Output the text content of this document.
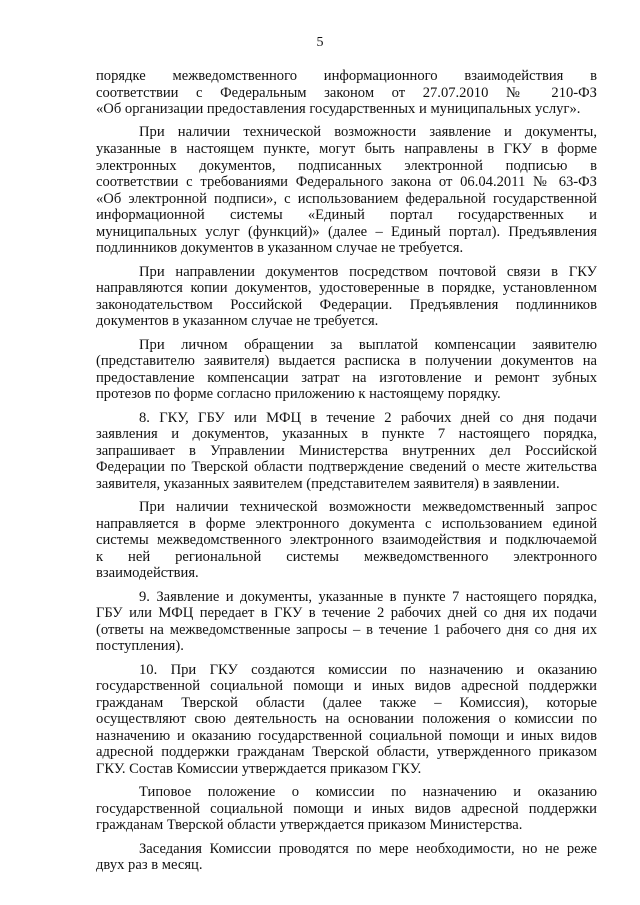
5
порядке межведомственного информационного взаимодействия в
соответствии с Федеральным законом от 27.07.2010 № 210-ФЗ
«Об организации предоставления государственных и муниципальных услуг».
При наличии технической возможности заявление и документы,
указанные в настоящем пункте, могут быть направлены в ГКУ в форме
электронных документов, подписанных электронной подписью в
соответствии с требованиями Федерального закона от 06.04.2011 № 63-ФЗ
«Об электронной подписи», с использованием федеральной государственной
информационной системы «Единый портал государственных и
муниципальных услуг (функций)» (далее – Единый портал). Предъявления
подлинников документов в указанном случае не требуется.
При направлении документов посредством почтовой связи в ГКУ
направляются копии документов, удостоверенные в порядке, установленном
законодательством Российской Федерации. Предъявления подлинников
документов в указанном случае не требуется.
При личном обращении за выплатой компенсации заявителю
(представителю заявителя) выдается расписка в получении документов на
предоставление компенсации затрат на изготовление и ремонт зубных
протезов по форме согласно приложению к настоящему порядку.
8. ГКУ, ГБУ или МФЦ в течение 2 рабочих дней со дня подачи
заявления и документов, указанных в пункте 7 настоящего порядка,
запрашивает в Управлении Министерства внутренних дел Российской
Федерации по Тверской области подтверждение сведений о месте жительства
заявителя, указанных заявителем (представителем заявителя) в заявлении.
При наличии технической возможности межведомственный запрос
направляется в форме электронного документа с использованием единой
системы межведомственного электронного взаимодействия и подключаемой
к ней региональной системы межведомственного электронного
взаимодействия.
9. Заявление и документы, указанные в пункте 7 настоящего порядка,
ГБУ или МФЦ передает в ГКУ в течение 2 рабочих дней со дня их подачи
(ответы на межведомственные запросы – в течение 1 рабочего дня со дня их
поступления).
10. При ГКУ создаются комиссии по назначению и оказанию
государственной социальной помощи и иных видов адресной поддержки
гражданам Тверской области (далее также – Комиссия), которые
осуществляют свою деятельность на основании положения о комиссии по
назначению и оказанию государственной социальной помощи и иных видов
адресной поддержки гражданам Тверской области, утвержденного приказом
ГКУ. Состав Комиссии утверждается приказом ГКУ.
Типовое положение о комиссии по назначению и оказанию
государственной социальной помощи и иных видов адресной поддержки
гражданам Тверской области утверждается приказом Министерства.
Заседания Комиссии проводятся по мере необходимости, но не реже
двух раз в месяц.
